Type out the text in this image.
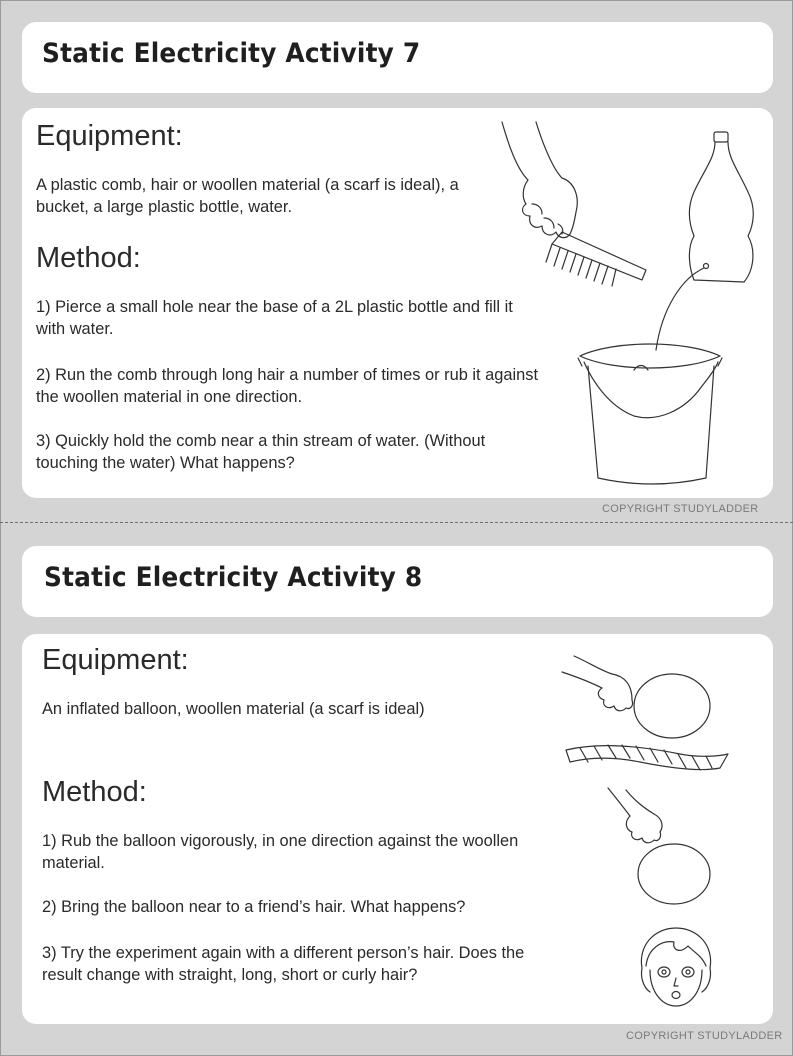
Static Electricity Activity 7
Equipment:

A plastic comb, hair or woollen material (a scarf is ideal), a bucket, a large plastic bottle, water.

Method:

1) Pierce a small hole near the base of a 2L plastic bottle and fill it with water.

2) Run the comb through long hair a number of times or rub it against the woollen material in one direction.

3) Quickly hold the comb near a thin stream of water. (Without touching the water) What happens?

COPYRIGHT STUDYLADDER
Static Electricity Activity 8
Equipment:

An inflated balloon, woollen material (a scarf is ideal)

Method:

1) Rub the balloon vigorously, in one direction against the woollen material.

2) Bring the balloon near to a friend’s hair. What happens?

3) Try the experiment again with a different person’s hair. Does the result change with straight, long, short or curly hair?

COPYRIGHT STUDYLADDER
